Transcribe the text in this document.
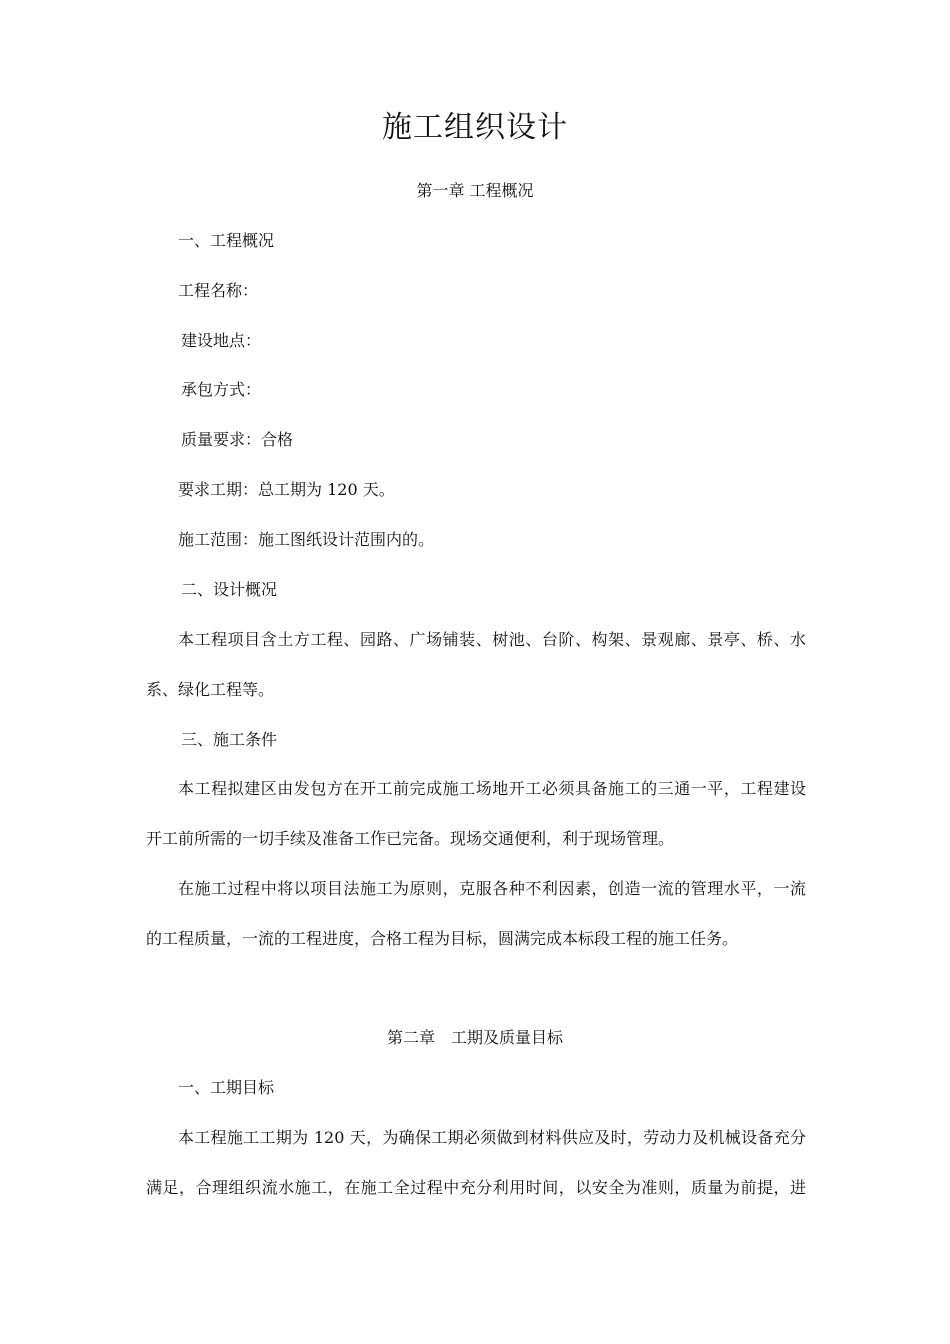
施工组织设计
第一章 工程概况
一、工程概况
工程名称：
建设地点：
承包方式：
质量要求：合格
要求工期：总工期为 120 天。
施工范围：施工图纸设计范围内的。
二、设计概况
本工程项目含土方工程、园路、广场铺装、树池、台阶、构架、景观廊、景亭、桥、水
系、绿化工程等。
三、施工条件
本工程拟建区由发包方在开工前完成施工场地开工必须具备施工的三通一平，工程建设
开工前所需的一切手续及准备工作已完备。现场交通便利，利于现场管理。
在施工过程中将以项目法施工为原则，克服各种不利因素，创造一流的管理水平，一流
的工程质量，一流的工程进度，合格工程为目标，圆满完成本标段工程的施工任务。
第二章　工期及质量目标
一、工期目标
本工程施工工期为 120 天，为确保工期必须做到材料供应及时，劳动力及机械设备充分
满足，合理组织流水施工，在施工全过程中充分利用时间，以安全为准则，质量为前提，进
